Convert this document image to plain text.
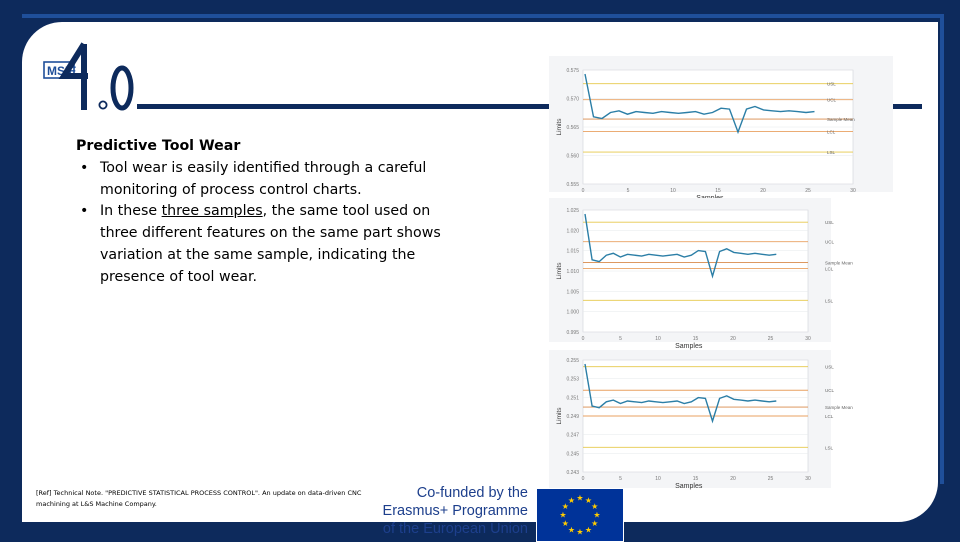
MSIE
4.0
Predictive Tool Wear
• Tool wear is easily identified through a careful monitoring of process control charts.
• In these three samples, the same tool used on three different features on the same part shows variation at the same sample, indicating the presence of tool wear.
[Ref] Technical Note. "PREDICTIVE STATISTICAL PROCESS CONTROL". An update on data-driven CNC machining at L&S Machine Company.
0.575
0.570
0.565
0.560
0.555
0	5	10	15	20	25	30
USL
UCL
Sample Mean
LCL
LSL
Limits
1.025
1.020
1.015
1.010
1.005
1.000
0.995
0	5	10	15	20	25	30
USL
UCL
Sample Mean
LCL
LSL
Limits
Samples
0.255
0.253
0.251
0.249
0.247
0.245
0.243
0	5	10	15	20	25	30
USL
UCL
Sample Mean
LCL
LSL
Limits
Samples
Co-funded by the
Erasmus+ Programme
of the European Union
★ ★
★
★
★
★
★
★
★
★
★
★
